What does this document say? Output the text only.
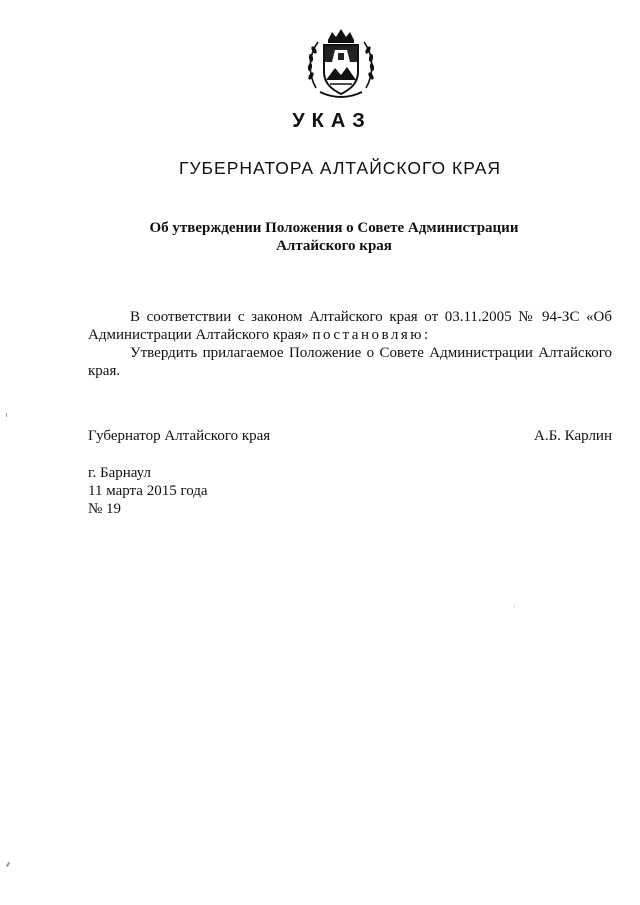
УКАЗ
ГУБЕРНАТОРА АЛТАЙСКОГО КРАЯ
Об утверждении Положения о Совете Администрации
Алтайского края

В соответствии с законом Алтайского края от 03.11.2005 № 94-ЗС «Об Администрации Алтайского края» постановляю:

Утвердить прилагаемое Положение о Совете Администрации Алтайского края.

Губернатор Алтайского края	А.Б. Карлин
г. Барнаул
11 марта 2015 года
№ 19
